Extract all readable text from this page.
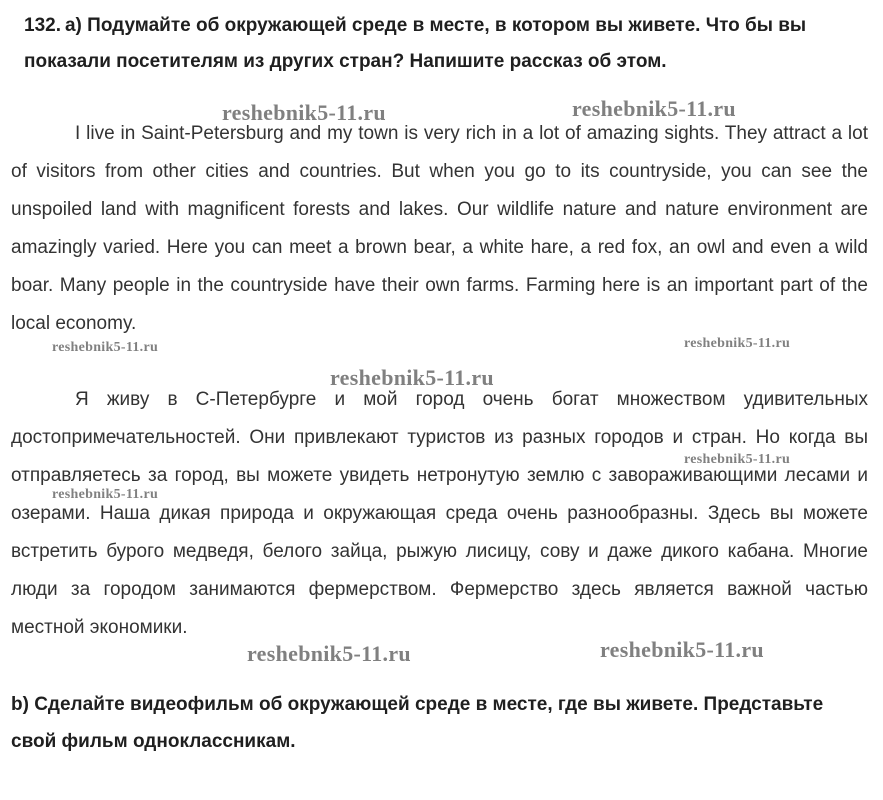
132. a) Подумайте об окружающей среде в месте, в котором вы живете. Что бы вы показали посетителям из других стран? Напишите рассказ об этом.

I live in Saint-Petersburg and my town is very rich in a lot of amazing sights. They attract a lot of visitors from other cities and countries. But when you go to its countryside, you can see the unspoiled land with magnificent forests and lakes. Our wildlife nature and nature environment are amazingly varied. Here you can meet a brown bear, a white hare, a red fox, an owl and even a wild boar. Many people in the countryside have their own farms. Farming here is an important part of the local economy.

Я живу в С-Петербурге и мой город очень богат множеством удивительных достопримечательностей. Они привлекают туристов из разных городов и стран. Но когда вы отправляетесь за город, вы можете увидеть нетронутую землю с завораживающими лесами и озерами. Наша дикая природа и окружающая среда очень разнообразны. Здесь вы можете встретить бурого медведя, белого зайца, рыжую лисицу, сову и даже дикого кабана. Многие люди за городом занимаются фермерством. Фермерство здесь является важной частью местной экономики.

b) Сделайте видеофильм об окружающей среде в месте, где вы живете. Представьте свой фильм одноклассникам.
reshebnik5-11.ru	reshebnik5-11.ru
reshebnik5-11.ru	reshebnik5-11.ru
reshebnik5-11.ru
reshebnik5-11.ru
reshebnik5-11.ru
reshebnik5-11.ru	reshebnik5-11.ru
